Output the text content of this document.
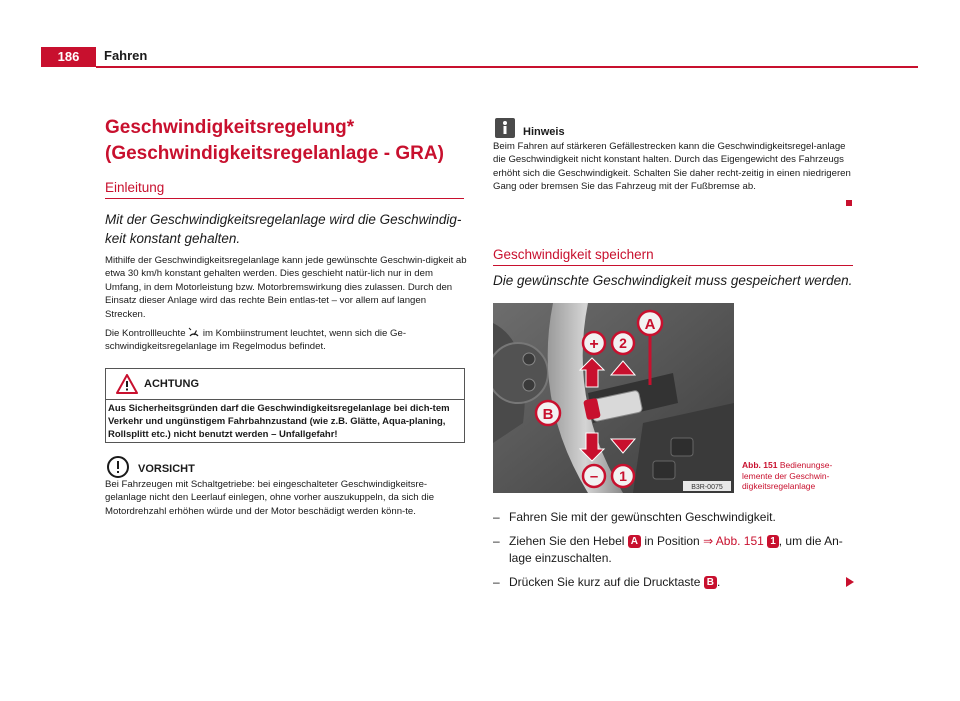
186	Fahren
Geschwindigkeitsregelung*
(Geschwindigkeitsregelanlage - GRA)
Einleitung
Mit der Geschwindigkeitsregelanlage wird die Geschwindig-keit konstant gehalten.
Mithilfe der Geschwindigkeitsregelanlage kann jede gewünschte Geschwin-digkeit ab etwa 30 km/h konstant gehalten werden. Dies geschieht natür-lich nur in dem Umfang, in dem Motorleistung bzw. Motorbremswirkung dies zulassen. Durch den Einsatz dieser Anlage wird das rechte Bein entlas-tet – vor allem auf langen Strecken.
Die Kontrollleuchte im Kombiinstrument leuchtet, wenn sich die Ge-schwindigkeitsregelanlage im Regelmodus befindet.
ACHTUNG
Aus Sicherheitsgründen darf die Geschwindigkeitsregelanlage bei dich-tem Verkehr und ungünstigem Fahrbahnzustand (wie z.B. Glätte, Aqua-planing, Rollsplitt etc.) nicht benutzt werden – Unfallgefahr!
VORSICHT
Bei Fahrzeugen mit Schaltgetriebe: bei eingeschalteter Geschwindigkeitsre-gelanlage nicht den Leerlauf einlegen, ohne vorher auszukuppeln, da sich die Motordrehzahl erhöhen würde und der Motor beschädigt werden könn-te.
Hinweis
Beim Fahren auf stärkeren Gefällestrecken kann die Geschwindigkeitsregel-anlage die Geschwindigkeit nicht konstant halten. Durch das Eigengewicht des Fahrzeugs erhöht sich die Geschwindigkeit. Schalten Sie daher recht-zeitig in einen niedrigeren Gang oder bremsen Sie das Fahrzeug mit der Fußbremse ab.
Geschwindigkeit speichern
Die gewünschte Geschwindigkeit muss gespeichert werden.
A
B
+ 2
– 1
B3R-0075
Abb. 151 Bedienungse-lemente der Geschwin-digkeitsregelanlage
– Fahren Sie mit der gewünschten Geschwindigkeit.
– Ziehen Sie den Hebel A in Position ⇒ Abb. 151 1 , um die An-lage einzuschalten.
– Drücken Sie kurz auf die Drucktaste B .
